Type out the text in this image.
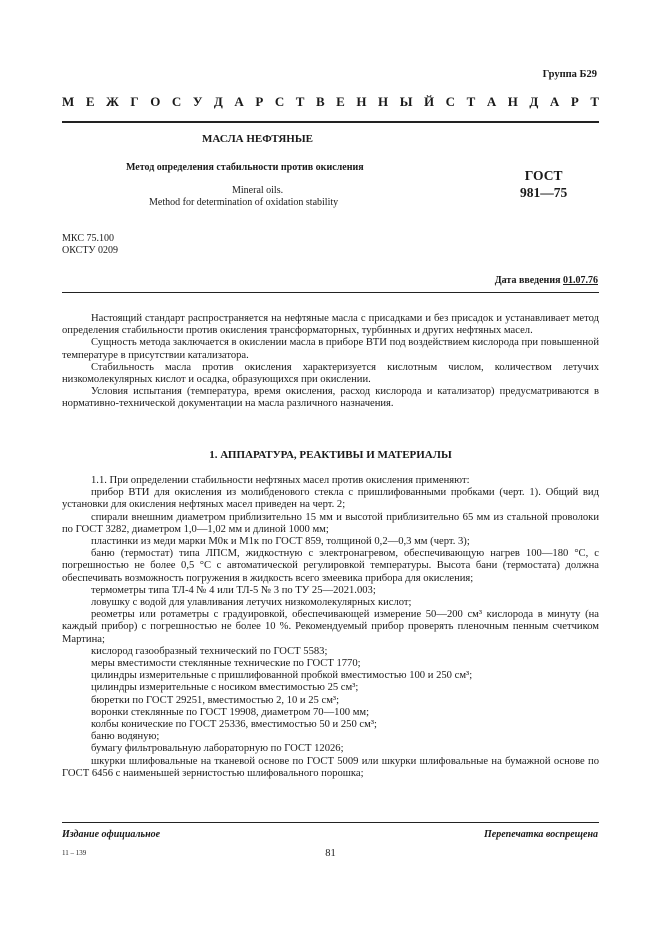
Группа Б29
М Е Ж Г О С У Д А Р С Т В Е Н Н Ы Й С Т А Н Д А Р Т
МАСЛА НЕФТЯНЫЕ
Метод определения стабильности против окисления
Mineral oils.
Method for determination of oxidation stability
ГОСТ
981—75
МКС 75.100
ОКСТУ 0209
Дата введения 01.07.76

Настоящий стандарт распространяется на нефтяные масла с присадками и без присадок и устанавливает метод определения стабильности против окисления трансформаторных, турбинных и других нефтяных масел.

Сущность метода заключается в окислении масла в приборе ВТИ под воздействием кислорода при повышенной температуре в присутствии катализатора.

Стабильность масла против окисления характеризуется кислотным числом, количеством летучих низкомолекулярных кислот и осадка, образующихся при окислении.

Условия испытания (температура, время окисления, расход кислорода и катализатор) предусматриваются в нормативно-технической документации на масла различного назначения.

1. АППАРАТУРА, РЕАКТИВЫ И МАТЕРИАЛЫ

1.1. При определении стабильности нефтяных масел против окисления применяют:

прибор ВТИ для окисления из молибденового стекла с пришлифованными пробками (черт. 1). Общий вид установки для окисления нефтяных масел приведен на черт. 2;

спирали внешним диаметром приблизительно 15 мм и высотой приблизительно 65 мм из стальной проволоки по ГОСТ 3282, диаметром 1,0—1,02 мм и длиной 1000 мм;

пластинки из меди марки М0к и М1к по ГОСТ 859, толщиной 0,2—0,3 мм (черт. 3);

баню (термостат) типа ЛПСМ, жидкостную с электронагревом, обеспечивающую нагрев 100—180 °С, с погрешностью не более 0,5 °С с автоматической регулировкой температуры. Высота бани (термостата) должна обеспечивать возможность погружения в жидкость всего змеевика прибора для окисления;

термометры типа ТЛ-4 № 4 или ТЛ-5 № 3 по ТУ 25—2021.003;

ловушку с водой для улавливания летучих низкомолекулярных кислот;

реометры или ротаметры с градуировкой, обеспечивающей измерение 50—200 см³ кислорода в минуту (на каждый прибор) с погрешностью не более 10 %. Рекомендуемый прибор проверять пленочным пенным счетчиком Мартина;

кислород газообразный технический по ГОСТ 5583;

меры вместимости стеклянные технические по ГОСТ 1770;

цилиндры измерительные с пришлифованной пробкой вместимостью 100 и 250 см³;

цилиндры измерительные с носиком вместимостью 25 см³;

бюретки по ГОСТ 29251, вместимостью 2, 10 и 25 см³;

воронки стеклянные по ГОСТ 19908, диаметром 70—100 мм;

колбы конические по ГОСТ 25336, вместимостью 50 и 250 см³;

баню водяную;

бумагу фильтровальную лабораторную по ГОСТ 12026;

шкурки шлифовальные на тканевой основе по ГОСТ 5009 или шкурки шлифовальные на бумажной основе по ГОСТ 6456 с наименьшей зернистостью шлифовального порошка;

Издание официальное	Перепечатка воспрещена
81
11 – 139
